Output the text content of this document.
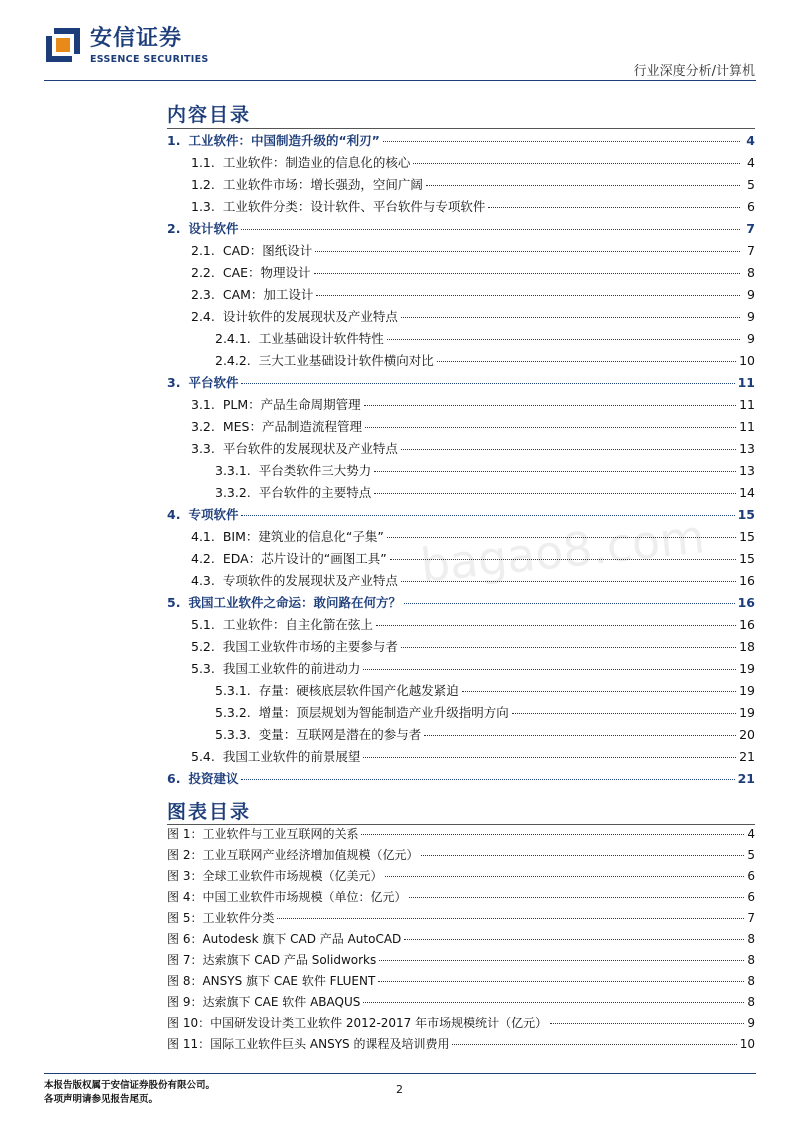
安信证券
ESSENCE SECURITIES
行业深度分析/计算机
bagao8.com
内容目录
1. 工业软件：中国制造升级的“利刃”	4
1.1. 工业软件：制造业的信息化的核心	4
1.2. 工业软件市场：增长强劲，空间广阔	5
1.3. 工业软件分类：设计软件、平台软件与专项软件	6
2. 设计软件	7
2.1. CAD：图纸设计	7
2.2. CAE：物理设计	8
2.3. CAM：加工设计	9
2.4. 设计软件的发展现状及产业特点	9
2.4.1. 工业基础设计软件特性	9
2.4.2. 三大工业基础设计软件横向对比	10
3. 平台软件	11
3.1. PLM：产品生命周期管理	11
3.2. MES：产品制造流程管理	11
3.3. 平台软件的发展现状及产业特点	13
3.3.1. 平台类软件三大势力	13
3.3.2. 平台软件的主要特点	14
4. 专项软件	15
4.1. BIM：建筑业的信息化“子集”	15
4.2. EDA：芯片设计的“画图工具”	15
4.3. 专项软件的发展现状及产业特点	16
5. 我国工业软件之命运：敢问路在何方？	16
5.1. 工业软件：自主化箭在弦上	16
5.2. 我国工业软件市场的主要参与者	18
5.3. 我国工业软件的前进动力	19
5.3.1. 存量：硬核底层软件国产化越发紧迫	19
5.3.2. 增量：顶层规划为智能制造产业升级指明方向	19
5.3.3. 变量：互联网是潜在的参与者	20
5.4. 我国工业软件的前景展望	21
6. 投资建议	21
图表目录
图 1：工业软件与工业互联网的关系	4
图 2：工业互联网产业经济增加值规模（亿元）	5
图 3：全球工业软件市场规模（亿美元）	6
图 4：中国工业软件市场规模（单位：亿元）	6
图 5：工业软件分类	7
图 6：Autodesk 旗下 CAD 产品 AutoCAD	8
图 7：达索旗下 CAD 产品 Solidworks	8
图 8：ANSYS 旗下 CAE 软件 FLUENT	8
图 9：达索旗下 CAE 软件 ABAQUS	8
图 10：中国研发设计类工业软件 2012-2017 年市场规模统计（亿元）	9
图 11：国际工业软件巨头 ANSYS 的课程及培训费用	10
本报告版权属于安信证券股份有限公司。
各项声明请参见报告尾页。
2
